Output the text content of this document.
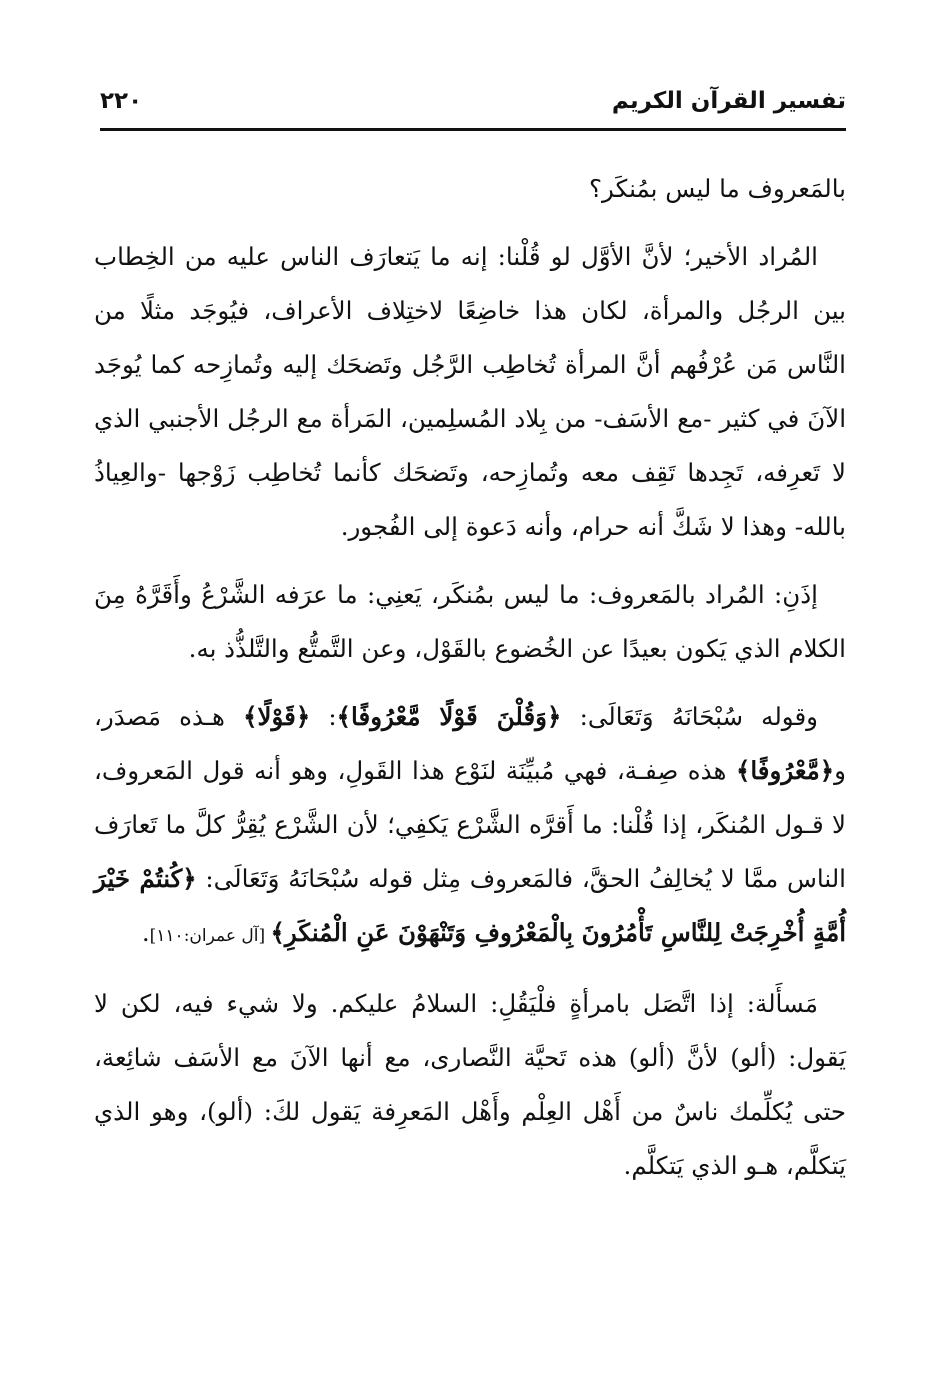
تفسير القرآن الكريم
٢٢٠

بالمَعروف ما ليس بمُنكَر؟

المُراد الأخير؛ لأنَّ الأوَّل لو قُلْنا: إنه ما يَتعارَف الناس عليه من الخِطاب بين الرجُل والمرأة، لكان هذا خاضِعًا لاختِلاف الأعراف، فيُوجَد مثلًا من النَّاس مَن عُرْفُهم أنَّ المرأة تُخاطِب الرَّجُل وتَضحَك إليه وتُمازِحه كما يُوجَد الآنَ في كثير -مع الأسَف- من بِلاد المُسلِمين، المَرأة مع الرجُل الأجنبي الذي لا تَعرِفه، تَجِدها تَقِف معه وتُمازِحه، وتَضحَك كأنما تُخاطِب زَوْجها -والعِياذُ بالله- وهذا لا شَكَّ أنه حرام، وأنه دَعوة إلى الفُجور.

إذَنِ: المُراد بالمَعروف: ما ليس بمُنكَر، يَعنِي: ما عرَفه الشَّرْعُ وأَقَرَّهُ مِنَ الكلام الذي يَكون بعيدًا عن الخُضوع بالقَوْل، وعن التَّمتُّع والتَّلذُّذ به.

وقوله سُبْحَانَهُ وَتَعَالَى: ﴿وَقُلْنَ قَوْلًا مَّعْرُوفًا﴾: ﴿قَوْلًا﴾ هـذه مَصدَر، و﴿مَّعْرُوفًا﴾ هذه صِفـة، فهي مُبيِّنَة لنَوْع هذا القَولِ، وهو أنه قول المَعروف، لا قـول المُنكَر، إذا قُلْنا: ما أَقرَّه الشَّرْع يَكفِي؛ لأن الشَّرْع يُقِرُّ كلَّ ما تَعارَف الناس ممَّا لا يُخالِفُ الحقَّ، فالمَعروف مِثل قوله سُبْحَانَهُ وَتَعَالَى: ﴿كُنتُمْ خَيْرَ أُمَّةٍ أُخْرِجَتْ لِلنَّاسِ تَأْمُرُونَ بِالْمَعْرُوفِ وَتَنْهَوْنَ عَنِ الْمُنكَرِ﴾ [آل عمران:١١٠].

مَسأَلة: إذا اتَّصَل بامرأةٍ فلْيَقُلِ: السلامُ عليكم. ولا شيء فيه، لكن لا يَقول: (ألو) لأنَّ (ألو) هذه تَحيَّة النَّصارى، مع أنها الآنَ مع الأسَف شائِعة، حتى يُكلِّمك ناسٌ من أَهْل العِلْم وأَهْل المَعرِفة يَقول لكَ: (ألو)، وهو الذي يَتكلَّم، هـو الذي يَتكلَّم.
